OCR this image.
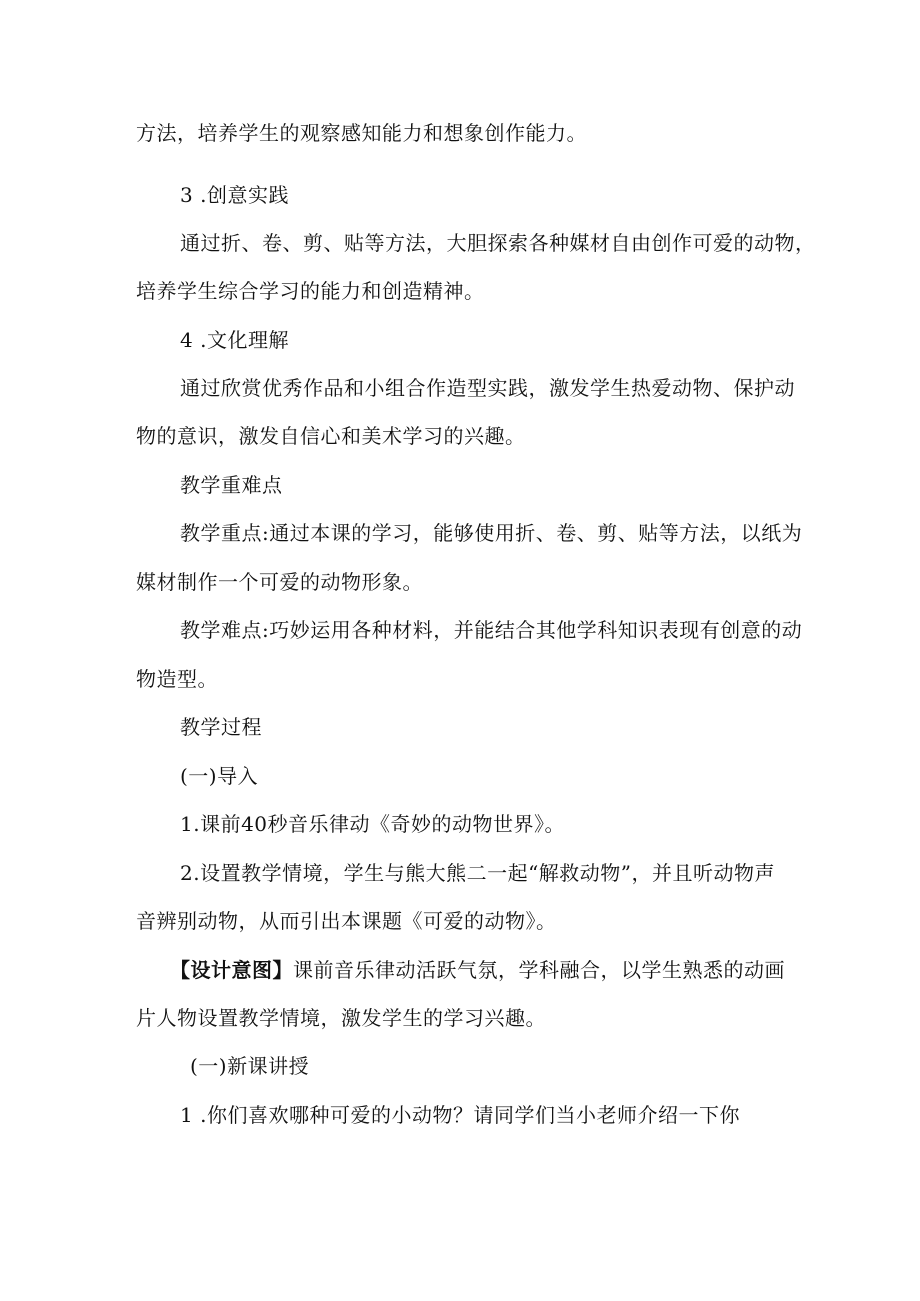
方法，培养学生的观察感知能力和想象创作能力。
3 .创意实践
通过折、卷、剪、贴等方法，大胆探索各种媒材自由创作可爱的动物，
培养学生综合学习的能力和创造精神。
4 .文化理解
通过欣赏优秀作品和小组合作造型实践，激发学生热爱动物、保护动
物的意识，激发自信心和美术学习的兴趣。
教学重难点
教学重点:通过本课的学习，能够使用折、卷、剪、贴等方法，以纸为
媒材制作一个可爱的动物形象。
教学难点:巧妙运用各种材料，并能结合其他学科知识表现有创意的动
物造型。
教学过程
(一)导入
1.课前40秒音乐律动《奇妙的动物世界》。
2.设置教学情境，学生与熊大熊二一起“解救动物”，并且听动物声
音辨别动物，从而引出本课题《可爱的动物》。
【设计意图】课前音乐律动活跃气氛，学科融合，以学生熟悉的动画
片人物设置教学情境，激发学生的学习兴趣。
(一)新课讲授
1 .你们喜欢哪种可爱的小动物？请同学们当小老师介绍一下你
